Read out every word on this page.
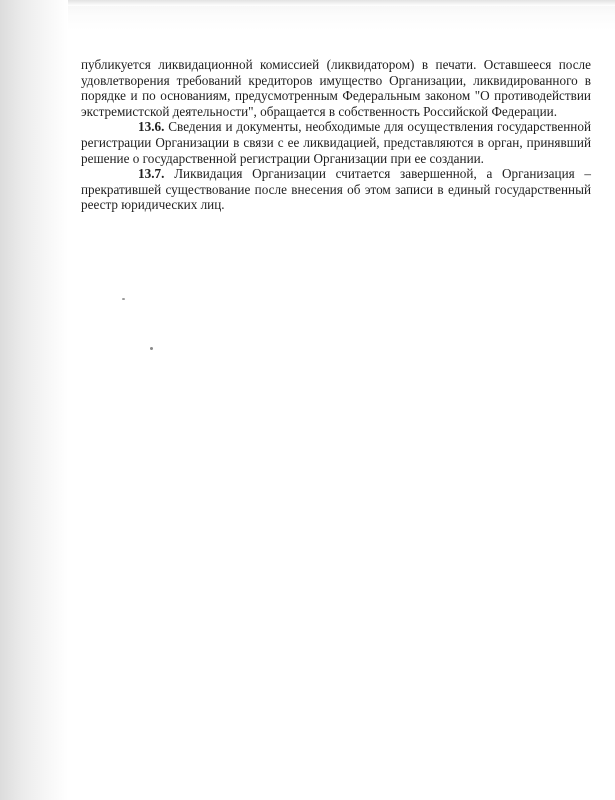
публикуется ликвидационной комиссией (ликвидатором) в печати. Оставшееся после удовлетворения требований кредиторов имущество Организации, ликвидированного в порядке и по основаниям, предусмотренным Федеральным законом "О противодействии экстремистской деятельности", обращается в собственность Российской Федерации.

13.6. Сведения и документы, необходимые для осуществления государственной регистрации Организации в связи с ее ликвидацией, представляются в орган, принявший решение о государственной регистрации Организации при ее создании.

13.7. Ликвидация Организации считается завершенной, а Организация – прекратившей существование после внесения об этом записи в единый государственный реестр юридических лиц.
